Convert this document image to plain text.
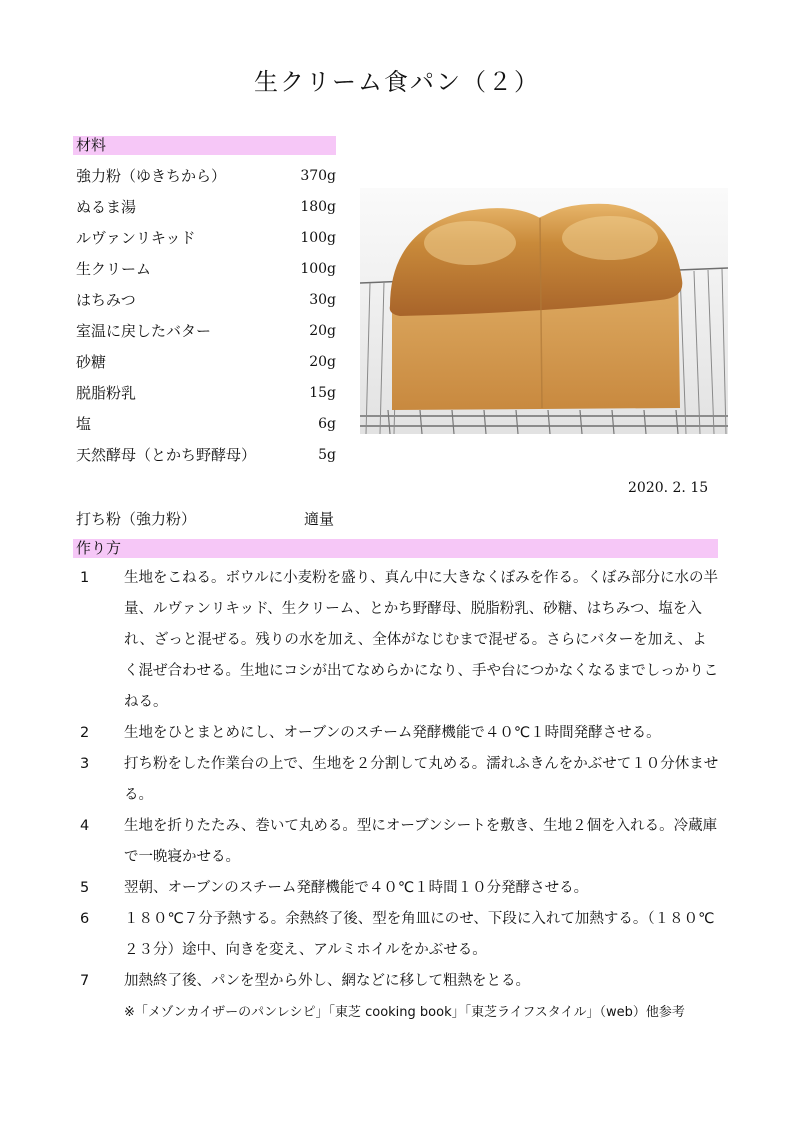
生クリーム食パン（２）
材料
強力粉（ゆきちから）	370g
ぬるま湯	180g
ルヴァンリキッド	100g
生クリーム	100g
はちみつ	30g
室温に戻したバター	20g
砂糖	20g
脱脂粉乳	15g
塩	6g
天然酵母（とかち野酵母）	5g
2020. 2. 15
打ち粉（強力粉）	適量
作り方
1 生地をこねる。ボウルに小麦粉を盛り、真ん中に大きなくぼみを作る。くぼみ部分に水の半量、ルヴァンリキッド、生クリーム、とかち野酵母、脱脂粉乳、砂糖、はちみつ、塩を入れ、ざっと混ぜる。残りの水を加え、全体がなじむまで混ぜる。さらにバターを加え、よく混ぜ合わせる。生地にコシが出てなめらかになり、手や台につかなくなるまでしっかりこねる。
2 生地をひとまとめにし、オーブンのスチーム発酵機能で４０℃１時間発酵させる。
3 打ち粉をした作業台の上で、生地を２分割して丸める。濡れふきんをかぶせて１０分休ませる。
4 生地を折りたたみ、巻いて丸める。型にオーブンシートを敷き、生地２個を入れる。冷蔵庫で一晩寝かせる。
5 翌朝、オーブンのスチーム発酵機能で４０℃１時間１０分発酵させる。
6 １８０℃７分予熱する。余熱終了後、型を角皿にのせ、下段に入れて加熱する。（１８０℃２３分）途中、向きを変え、アルミホイルをかぶせる。
7 加熱終了後、パンを型から外し、網などに移して粗熱をとる。
※「メゾンカイザーのパンレシピ」「東芝 cooking book」「東芝ライフスタイル」（web）他参考
